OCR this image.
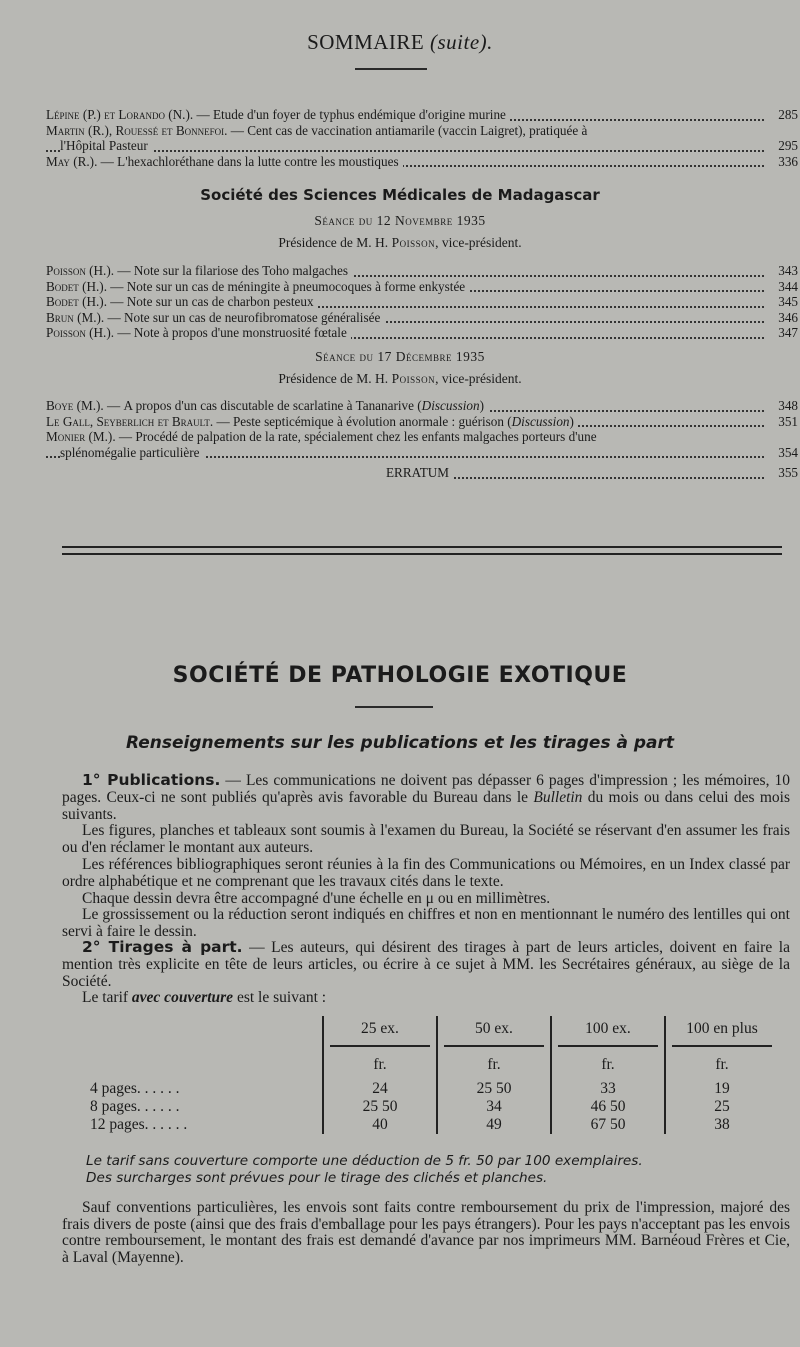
SOMMAIRE (suite).
Lépine (P.) et Lorando (N.). — Etude d'un foyer de typhus endémique d'origine murine	285
Martin (R.), Rouessé et Bonnefoi. — Cent cas de vaccination antiamarile (vaccin Laigret), pratiquée à
l'Hôpital Pasteur	295
May (R.). — L'hexachloréthane dans la lutte contre les moustiques	336
Société des Sciences Médicales de Madagascar
Séance du 12 Novembre 1935
Présidence de M. H. Poisson, vice-président.
Poisson (H.). — Note sur la filariose des Toho malgaches	343
Bodet (H.). — Note sur un cas de méningite à pneumocoques à forme enkystée	344
Bodet (H.). — Note sur un cas de charbon pesteux	345
Brun (M.). — Note sur un cas de neurofibromatose généralisée	346
Poisson (H.). — Note à propos d'une monstruosité fœtale	347
Séance du 17 Décembre 1935
Présidence de M. H. Poisson, vice-président.
Boye (M.). — A propos d'un cas discutable de scarlatine à Tananarive (Discussion)	348
Le Gall, Seyberlich et Brault. — Peste septicémique à évolution anormale : guérison (Discussion)	351
Monier (M.). — Procédé de palpation de la rate, spécialement chez les enfants malgaches porteurs d'une
splénomégalie particulière	354
ERRATUM	355
SOCIÉTÉ DE PATHOLOGIE EXOTIQUE
Renseignements sur les publications et les tirages à part

1° Publications. — Les communications ne doivent pas dépasser 6 pages d'impression ; les mémoires, 10 pages. Ceux-ci ne sont publiés qu'après avis favorable du Bureau dans le Bulletin du mois ou dans celui des mois suivants.

Les figures, planches et tableaux sont soumis à l'examen du Bureau, la Société se réservant d'en assumer les frais ou d'en réclamer le montant aux auteurs.

Les références bibliographiques seront réunies à la fin des Communications ou Mémoires, en un Index classé par ordre alphabétique et ne comprenant que les travaux cités dans le texte.

Chaque dessin devra être accompagné d'une échelle en μ ou en millimètres.

Le grossissement ou la réduction seront indiqués en chiffres et non en mentionnant le numéro des lentilles qui ont servi à faire le dessin.

2° Tirages à part. — Les auteurs, qui désirent des tirages à part de leurs articles, doivent en faire la mention très explicite en tête de leurs articles, ou écrire à ce sujet à MM. les Secrétaires généraux, au siège de la Société.

Le tarif avec couverture est le suivant :

	25 ex.	50 ex.	100 ex.	100 en plus

	fr.	fr.	fr.	fr.
4 pages. . . . . .	24	25 50	33	19
8 pages. . . . . .	25 50	34	46 50	25
12 pages. . . . . .	40	49	67 50	38
Le tarif sans couverture comporte une déduction de 5 fr. 50 par 100 exemplaires.
Des surcharges sont prévues pour le tirage des clichés et planches.

Sauf conventions particulières, les envois sont faits contre remboursement du prix de l'impression, majoré des frais divers de poste (ainsi que des frais d'emballage pour les pays étrangers). Pour les pays n'acceptant pas les envois contre remboursement, le montant des frais est demandé d'avance par nos imprimeurs MM. Barnéoud Frères et Cie, à Laval (Mayenne).
